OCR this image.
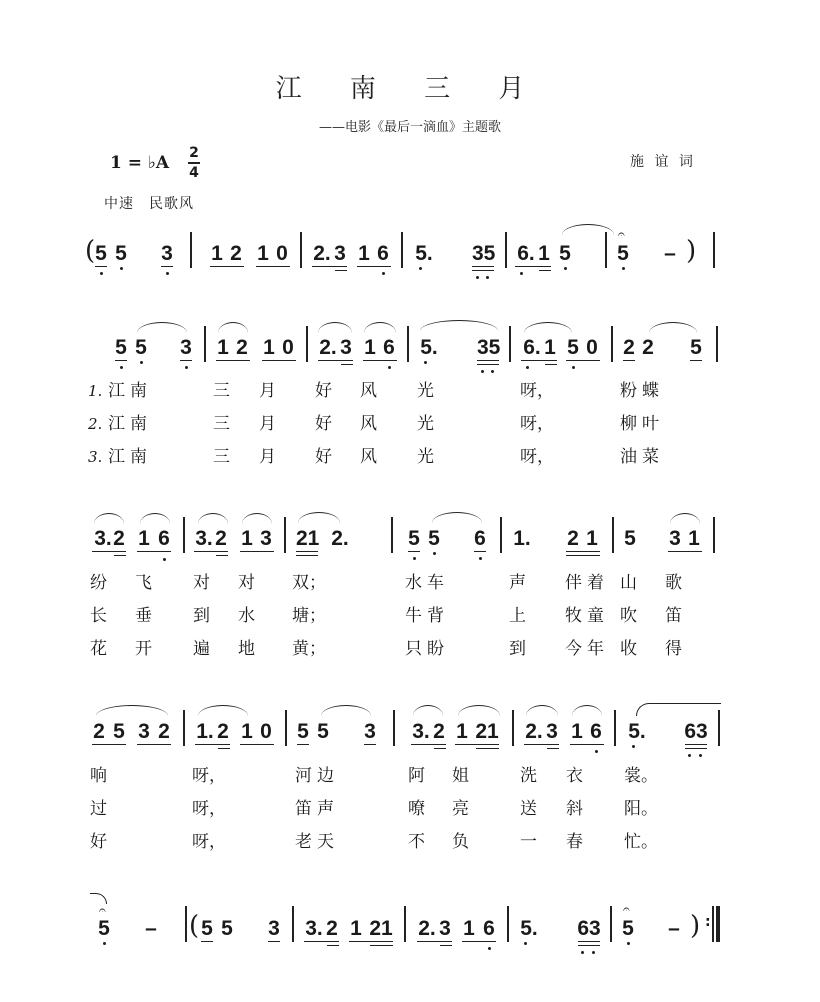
江 南 三 月
——电影《最后一滴血》主题歌
1 = ♭A 2
4
施 谊 词
中速　民歌风
( 5 5 3 1 2 1 0 2. 3 1 6 5. 35 6. 1 5
𝄐
5 – )
5 5 3 1 2 1 0 2. 3 1 6 5. 35 6. 1 5 0 2 2 5
1. 江 南	三 月 好 风 光	呀，	粉 蝶
2. 江 南	三 月 好 风 光	呀，	柳 叶
3. 江 南	三 月 好 风 光	呀，	油 菜
3. 2 1 6 3. 2 1 3 21 2.	5 5 6 1. 2 1 5 3 1
纷 飞 对 对 双；	水 车	声 伴 着 山 歌
长 垂 到 水 塘；	牛 背	上 牧 童 吹 笛
花 开 遍 地 黄；	只 盼	到 今 年 收 得
2 5 3 2 1. 2 1 0 5 5 3 3. 2 1 21 2. 3 1 6 5. 63
响	呀，	河 边	阿 姐	洗 衣 裳。
过	呀，	笛 声	嘹 亮	送 斜 阳。
好	呀，	老 天	不 负	一 春 忙。
𝄐
5 – ( 5 5 3 3. 2 1 21 2. 3 1 6 5. 63
𝄐
5 – ) :
